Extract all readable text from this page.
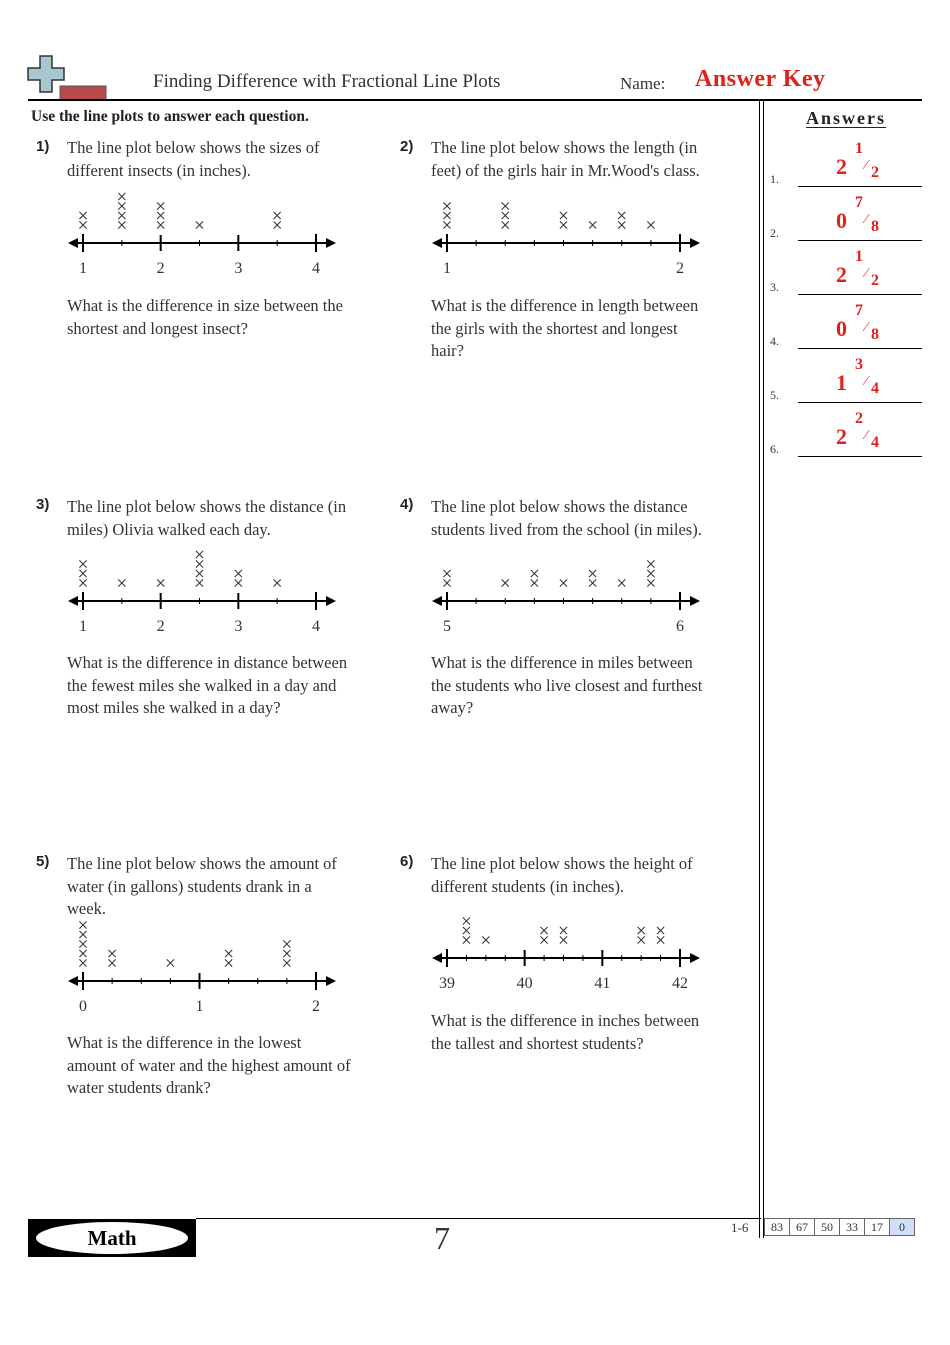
Finding Difference with Fractional Line Plots	Name: Answer Key
Use the line plots to answer each question.	Answers
1) The line plot below shows the sizes of
different insects (in inches).
What is the difference in size between the
shortest and longest insect?
1	2	3	4
2) The line plot below shows the length (in
feet) of the girls hair in Mr.Wood's class.
What is the difference in length between
the girls with the shortest and longest
hair?
1	2
3) The line plot below shows the distance (in
miles) Olivia walked each day.
What is the difference in distance between
the fewest miles she walked in a day and
most miles she walked in a day?
1	2	3	4
4) The line plot below shows the distance
students lived from the school (in miles).
What is the difference in miles between
the students who live closest and furthest
away?
5	6
5) The line plot below shows the amount of
water (in gallons) students drank in a
week.
What is the difference in the lowest
amount of water and the highest amount of
water students drank?
0	1	2
6) The line plot below shows the height of
different students (in inches).
What is the difference in inches between
the tallest and shortest students?
39	40	41	42
1.	2
1
2
⁄
2.	0
7
8
⁄
3.	2
1
2
⁄
4.	0
7
8
⁄
5.	1
3
4
⁄
6.	2
2
4
⁄
Math	7	1-6 83	67	50	33	17	0
